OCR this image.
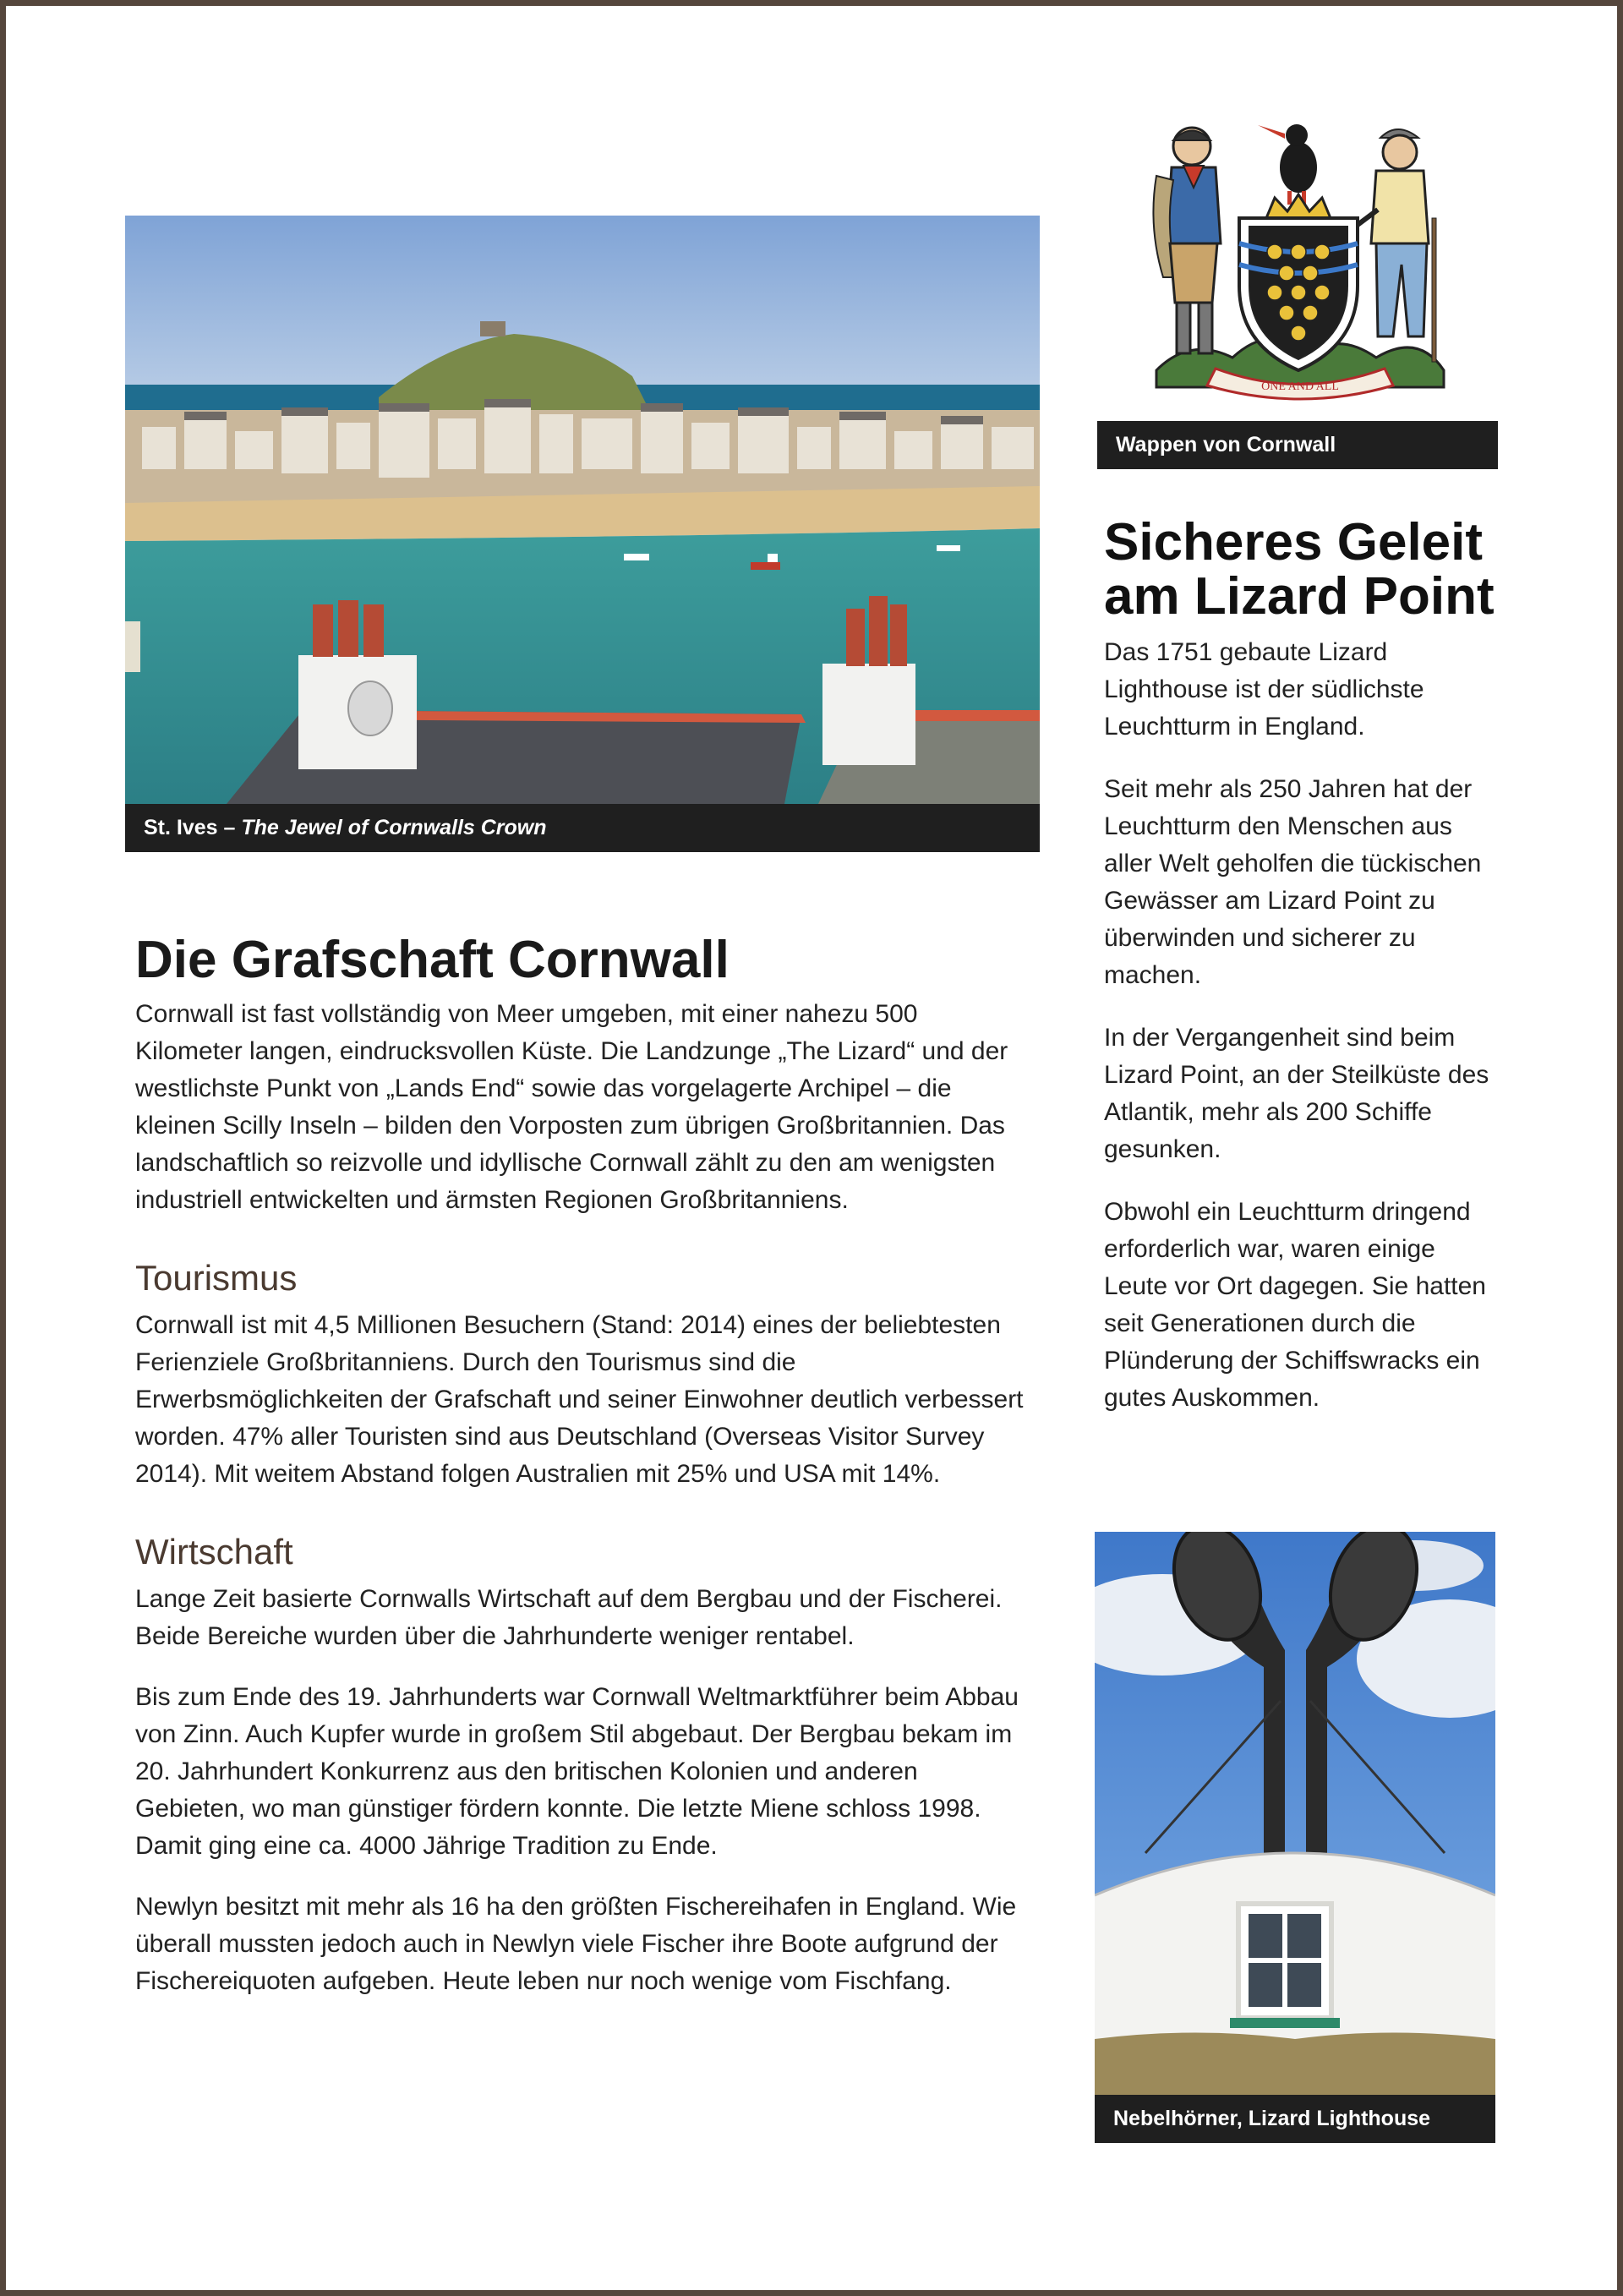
St. Ives – The Jewel of Cornwalls Crown
ONE AND ALL
Wappen von Cornwall
Die Grafschaft Cornwall

Cornwall ist fast vollständig von Meer umgeben, mit einer nahezu 500 Kilometer langen, eindrucksvollen Küste. Die Landzunge „The Lizard“ und der westlichste Punkt von „Lands End“ sowie das vorgelagerte Archipel – die kleinen Scilly Inseln – bilden den Vorposten zum übrigen Großbritannien. Das landschaftlich so reizvolle und idyllische Cornwall zählt zu den am wenigsten industriell entwickelten und ärmsten Regionen Großbritanniens.

Tourismus

Cornwall ist mit 4,5 Millionen Besuchern (Stand: 2014) eines der beliebtesten Ferienziele Großbritanniens. Durch den Tourismus sind die Erwerbsmöglichkeiten der Grafschaft und seiner Einwohner deutlich verbessert worden. 47% aller Touristen sind aus Deutschland (Overseas Visitor Survey 2014). Mit weitem Abstand folgen Australien mit 25% und USA mit 14%.

Wirtschaft

Lange Zeit basierte Cornwalls Wirtschaft auf dem Bergbau und der Fischerei. Beide Bereiche wurden über die Jahrhunderte weniger rentabel.

Bis zum Ende des 19. Jahrhunderts war Cornwall Weltmarktführer beim Abbau von Zinn. Auch Kupfer wurde in großem Stil abgebaut. Der Bergbau bekam im 20. Jahrhundert Konkurrenz aus den britischen Kolonien und anderen Gebieten, wo man günstiger fördern konnte. Die letzte Miene schloss 1998. Damit ging eine ca. 4000 Jährige Tradition zu Ende.

Newlyn besitzt mit mehr als 16 ha den größten Fischereihafen in England. Wie überall mussten jedoch auch in Newlyn viele Fischer ihre Boote aufgrund der Fischereiquoten aufgeben. Heute leben nur noch wenige vom Fischfang.

Sicheres Geleit am Lizard Point

Das 1751 gebaute Lizard Lighthouse ist der südlichste Leuchtturm in England.

Seit mehr als 250 Jahren hat der Leuchtturm den Menschen aus aller Welt geholfen die tückischen Gewässer am Lizard Point zu überwinden und sicherer zu machen.

In der Vergangenheit sind beim Lizard Point, an der Steilküste des Atlantik, mehr als 200 Schiffe gesunken.

Obwohl ein Leuchtturm dringend erforderlich war, waren einige Leute vor Ort dagegen. Sie hatten seit Generationen durch die Plünderung der Schiffswracks ein gutes Auskommen.

Nebelhörner, Lizard Lighthouse
